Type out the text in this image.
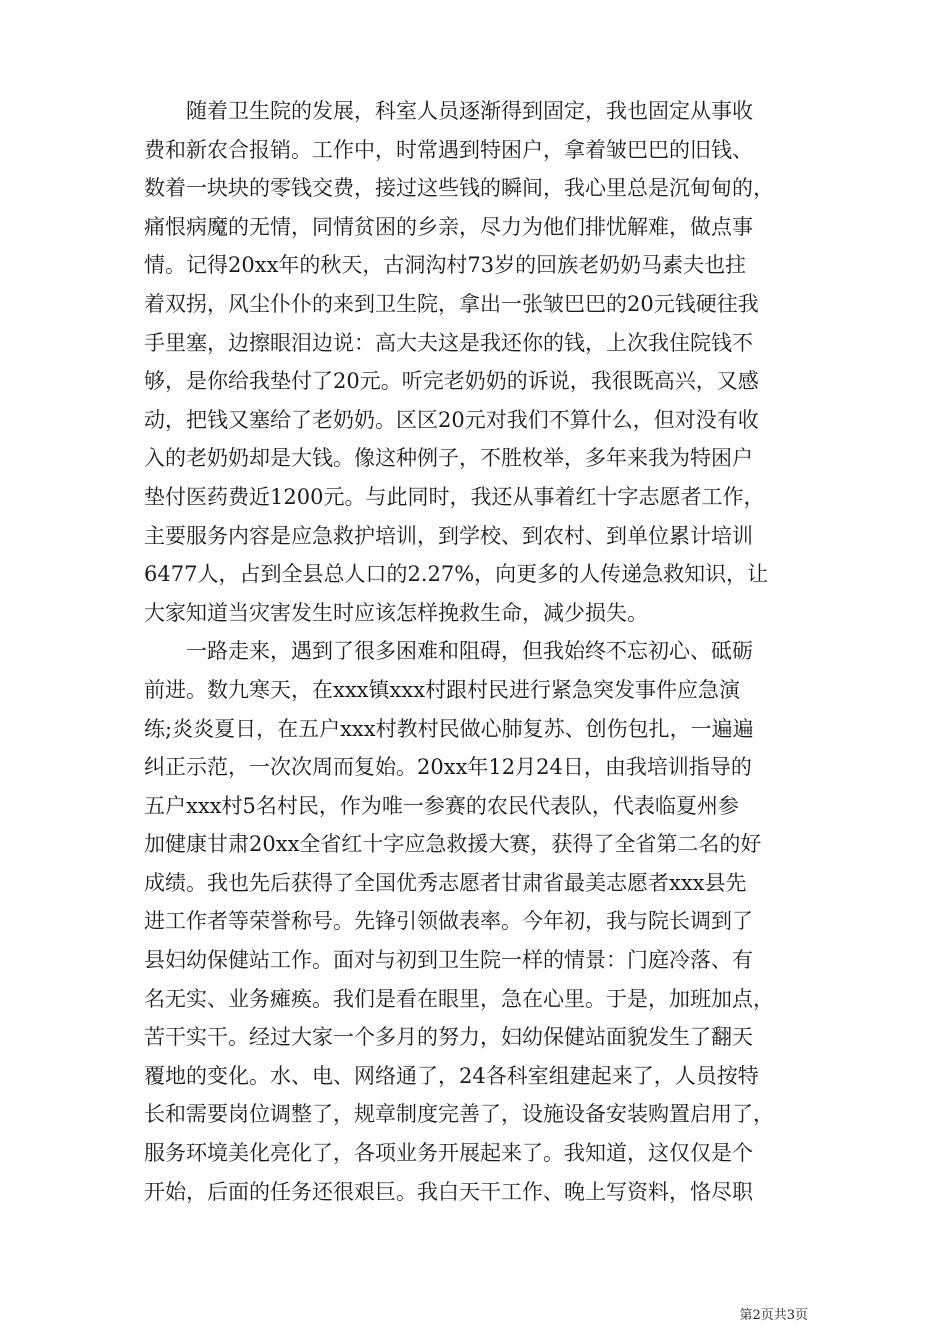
随着卫生院的发展，科室人员逐渐得到固定，我也固定从事收
费和新农合报销。工作中，时常遇到特困户，拿着皱巴巴的旧钱、
数着一块块的零钱交费，接过这些钱的瞬间，我心里总是沉甸甸的，
痛恨病魔的无情，同情贫困的乡亲，尽力为他们排忧解难，做点事
情。记得20xx年的秋天，古洞沟村73岁的回族老奶奶马素夫也拄
着双拐，风尘仆仆的来到卫生院，拿出一张皱巴巴的20元钱硬往我
手里塞，边擦眼泪边说：高大夫这是我还你的钱，上次我住院钱不
够，是你给我垫付了20元。听完老奶奶的诉说，我很既高兴，又感
动，把钱又塞给了老奶奶。区区20元对我们不算什么，但对没有收
入的老奶奶却是大钱。像这种例子，不胜枚举，多年来我为特困户
垫付医药费近1200元。与此同时，我还从事着红十字志愿者工作，
主要服务内容是应急救护培训，到学校、到农村、到单位累计培训
6477人，占到全县总人口的2.27%，向更多的人传递急救知识，让
大家知道当灾害发生时应该怎样挽救生命，减少损失。
一路走来，遇到了很多困难和阻碍，但我始终不忘初心、砥砺
前进。数九寒天，在xxx镇xxx村跟村民进行紧急突发事件应急演
练;炎炎夏日，在五户xxx村教村民做心肺复苏、创伤包扎，一遍遍
纠正示范，一次次周而复始。20xx年12月24日，由我培训指导的
五户xxx村5名村民，作为唯一参赛的农民代表队，代表临夏州参
加健康甘肃20xx全省红十字应急救援大赛，获得了全省第二名的好
成绩。我也先后获得了全国优秀志愿者甘肃省最美志愿者xxx县先
进工作者等荣誉称号。先锋引领做表率。今年初，我与院长调到了
县妇幼保健站工作。面对与初到卫生院一样的情景：门庭冷落、有
名无实、业务瘫痪。我们是看在眼里，急在心里。于是，加班加点，
苦干实干。经过大家一个多月的努力，妇幼保健站面貌发生了翻天
覆地的变化。水、电、网络通了，24各科室组建起来了，人员按特
长和需要岗位调整了，规章制度完善了，设施设备安装购置启用了，
服务环境美化亮化了，各项业务开展起来了。我知道，这仅仅是个
开始，后面的任务还很艰巨。我白天干工作、晚上写资料，恪尽职
第2页共3页
